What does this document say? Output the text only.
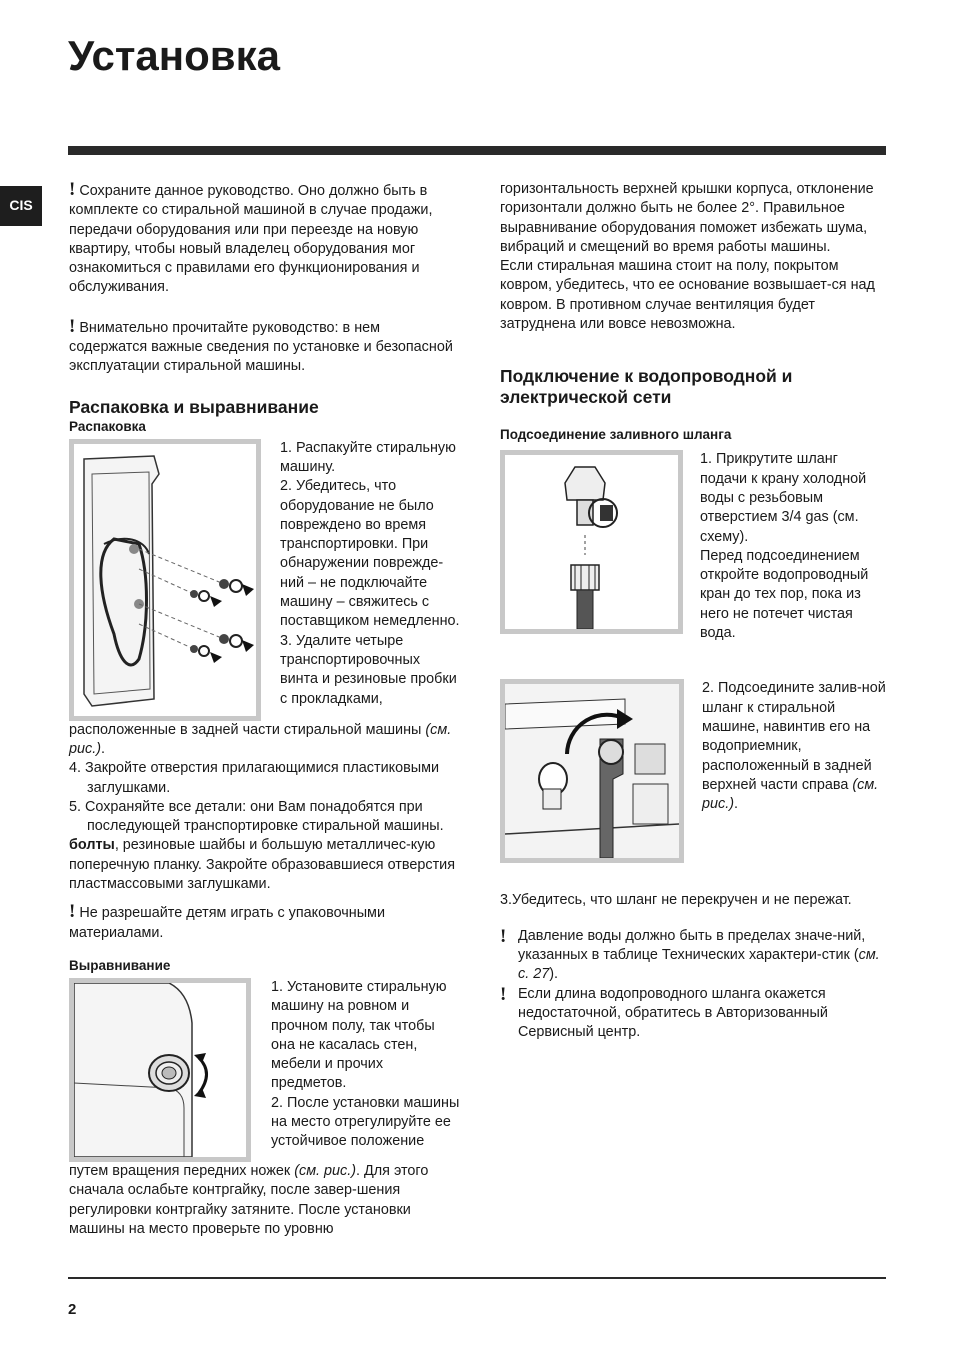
Установка
CIS

! Сохраните данное руководство. Оно должно быть в комплекте со стиральной машиной в случае продажи, передачи оборудования или при переезде на новую квартиру, чтобы новый владелец оборудования мог ознакомиться с правилами его функционирования и обслуживания.

! Внимательно прочитайте руководство: в нем содержатся важные сведения по установке и безопасной эксплуатации стиральной машины.

Распаковка и выравнивание
Распаковка

1. Распакуйте стиральную машину.

2. Убедитесь, что оборудование не было повреждено во время транспортировки. При обнаружении поврежде-ний – не подключайте машину – свяжитесь с поставщиком немедленно.

3. Удалите четыре транспортировочных винта и резиновые пробки с прокладками,

расположенные в задней части стиральной машины (см. рис.).

4. Закройте отверстия прилагающимися пластиковыми заглушками.

5. Сохраняйте все детали: они Вам понадобятся при последующей транспортировке стиральной машины.

болты, резиновые шайбы и большую металличес-кую поперечную планку. Закройте образовавшиеся отверстия пластмассовыми заглушками.

! Не разрешайте детям играть с упаковочными материалами.

Выравнивание

1. Установите стиральную машину на ровном и прочном полу, так чтобы она не касалась стен, мебели и прочих предметов.

2. После установки машины на место отрегулируйте ее устойчивое положение

путем вращения передних ножек (см. рис.). Для этого сначала ослабьте контргайку, после завер-шения регулировки контргайку затяните. После установки машины на место проверьте по уровню

горизонтальность верхней крышки корпуса, отклонение горизонтали должно быть не более 2°. Правильное выравнивание оборудования поможет избежать шума, вибраций и смещений во время работы машины.

Если стиральная машина стоит на полу, покрытом ковром, убедитесь, что ее основание возвышает-ся над ковром. В противном случае вентиляция будет затруднена или вовсе невозможна.

Подключение к водопроводной и электрической сети
Подсоединение заливного шланга

1. Прикрутите шланг подачи к крану холодной воды с резьбовым отверстием 3/4 gas (см. схему).

Перед подсоединением откройте водопроводный кран до тех пор, пока из него не потечет чистая вода.

2. Подсоедините залив-ной шланг к стиральной машине, навинтив его на водоприемник, расположенный в задней верхней части справа (см. рис.).

3.Убедитесь, что шланг не перекручен и не пережат.

! Давление воды должно быть в пределах значе-ний, указанных в таблице Технических характери-стик (см. с. 27).

! Если длина водопроводного шланга окажется недостаточной, обратитесь в Авторизованный Сервисный центр.

2
